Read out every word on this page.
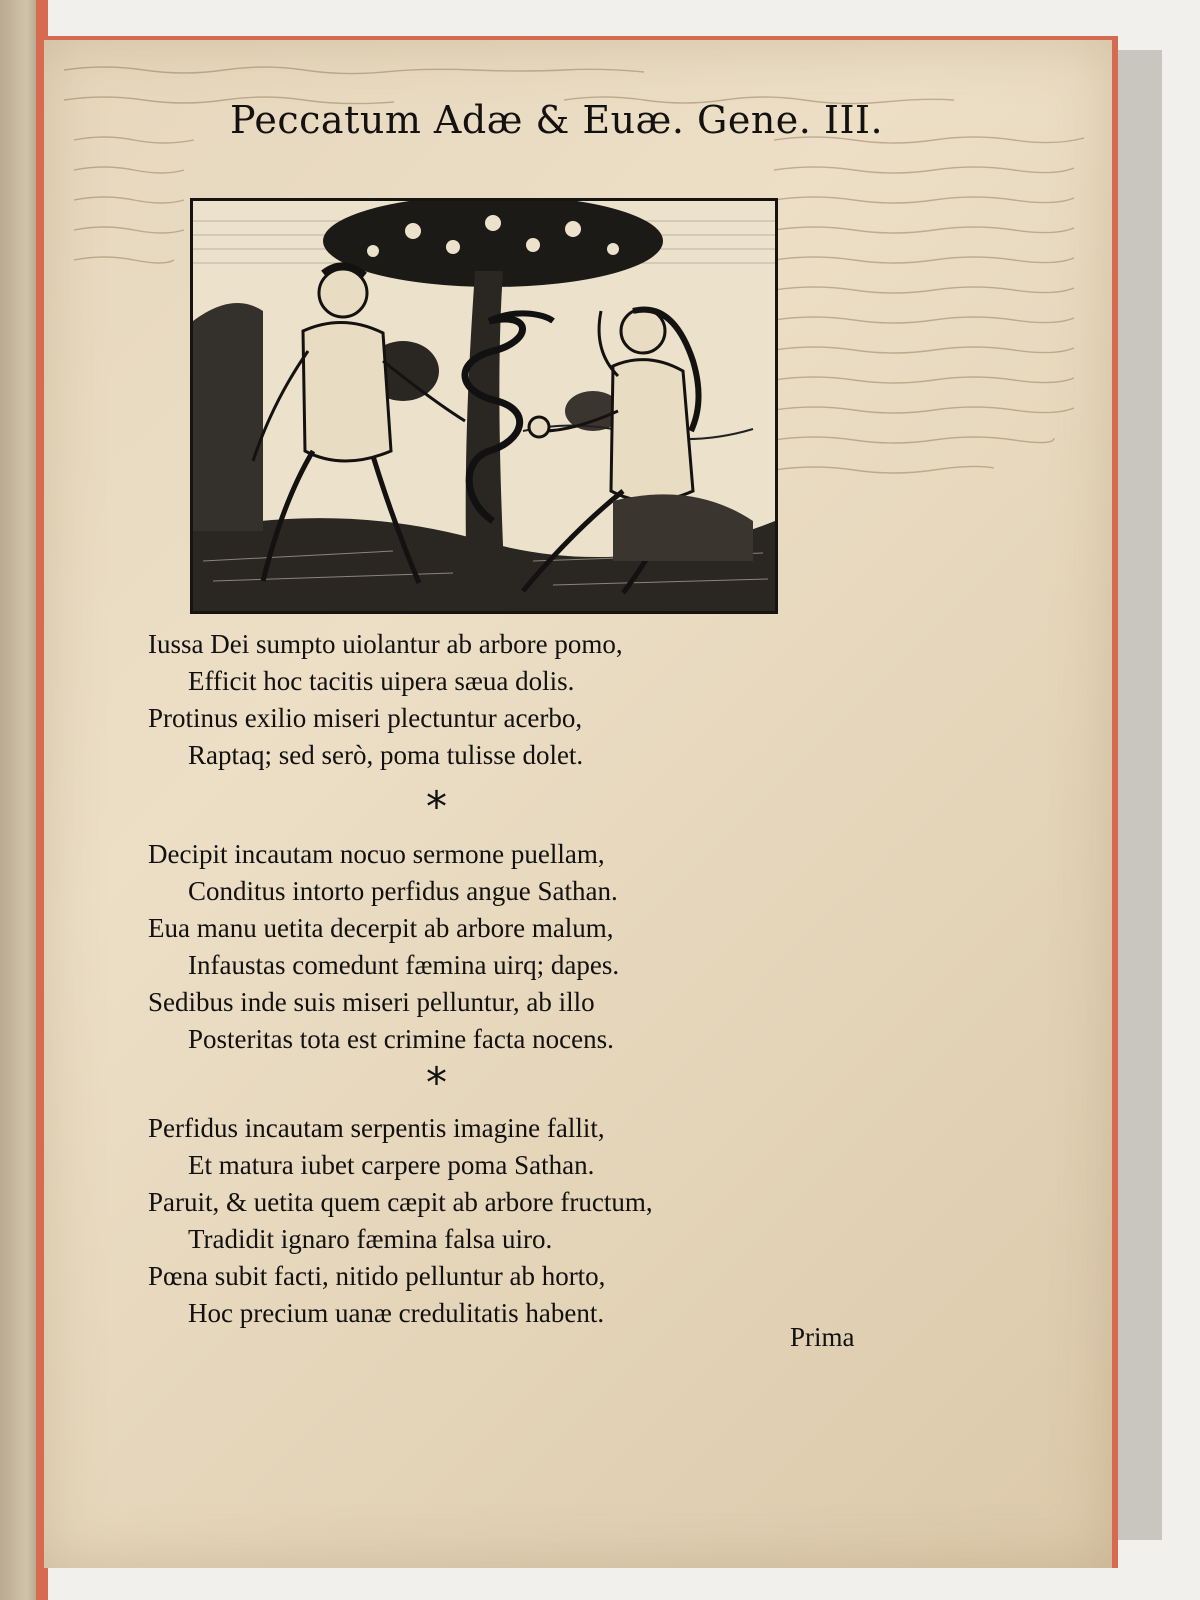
Peccatum Adæ & Euæ. Gene. III.
Iussa Dei sumpto uiolantur ab arbore pomo,
Efficit hoc tacitis uipera sæua dolis.
Protinus exilio miseri plectuntur acerbo,
Raptaq; sed serò, poma tulisse dolet.
*
Decipit incautam nocuo sermone puellam,
Conditus intorto perfidus angue Sathan.
Eua manu uetita decerpit ab arbore malum,
Infaustas comedunt fæmina uirq; dapes.
Sedibus inde suis miseri pelluntur, ab illo
Posteritas tota est crimine facta nocens.
*
Perfidus incautam serpentis imagine fallit,
Et matura iubet carpere poma Sathan.
Paruit, & uetita quem cæpit ab arbore fructum,
Tradidit ignaro fæmina falsa uiro.
Pœna subit facti, nitido pelluntur ab horto,
Hoc precium uanæ credulitatis habent.
Prima
